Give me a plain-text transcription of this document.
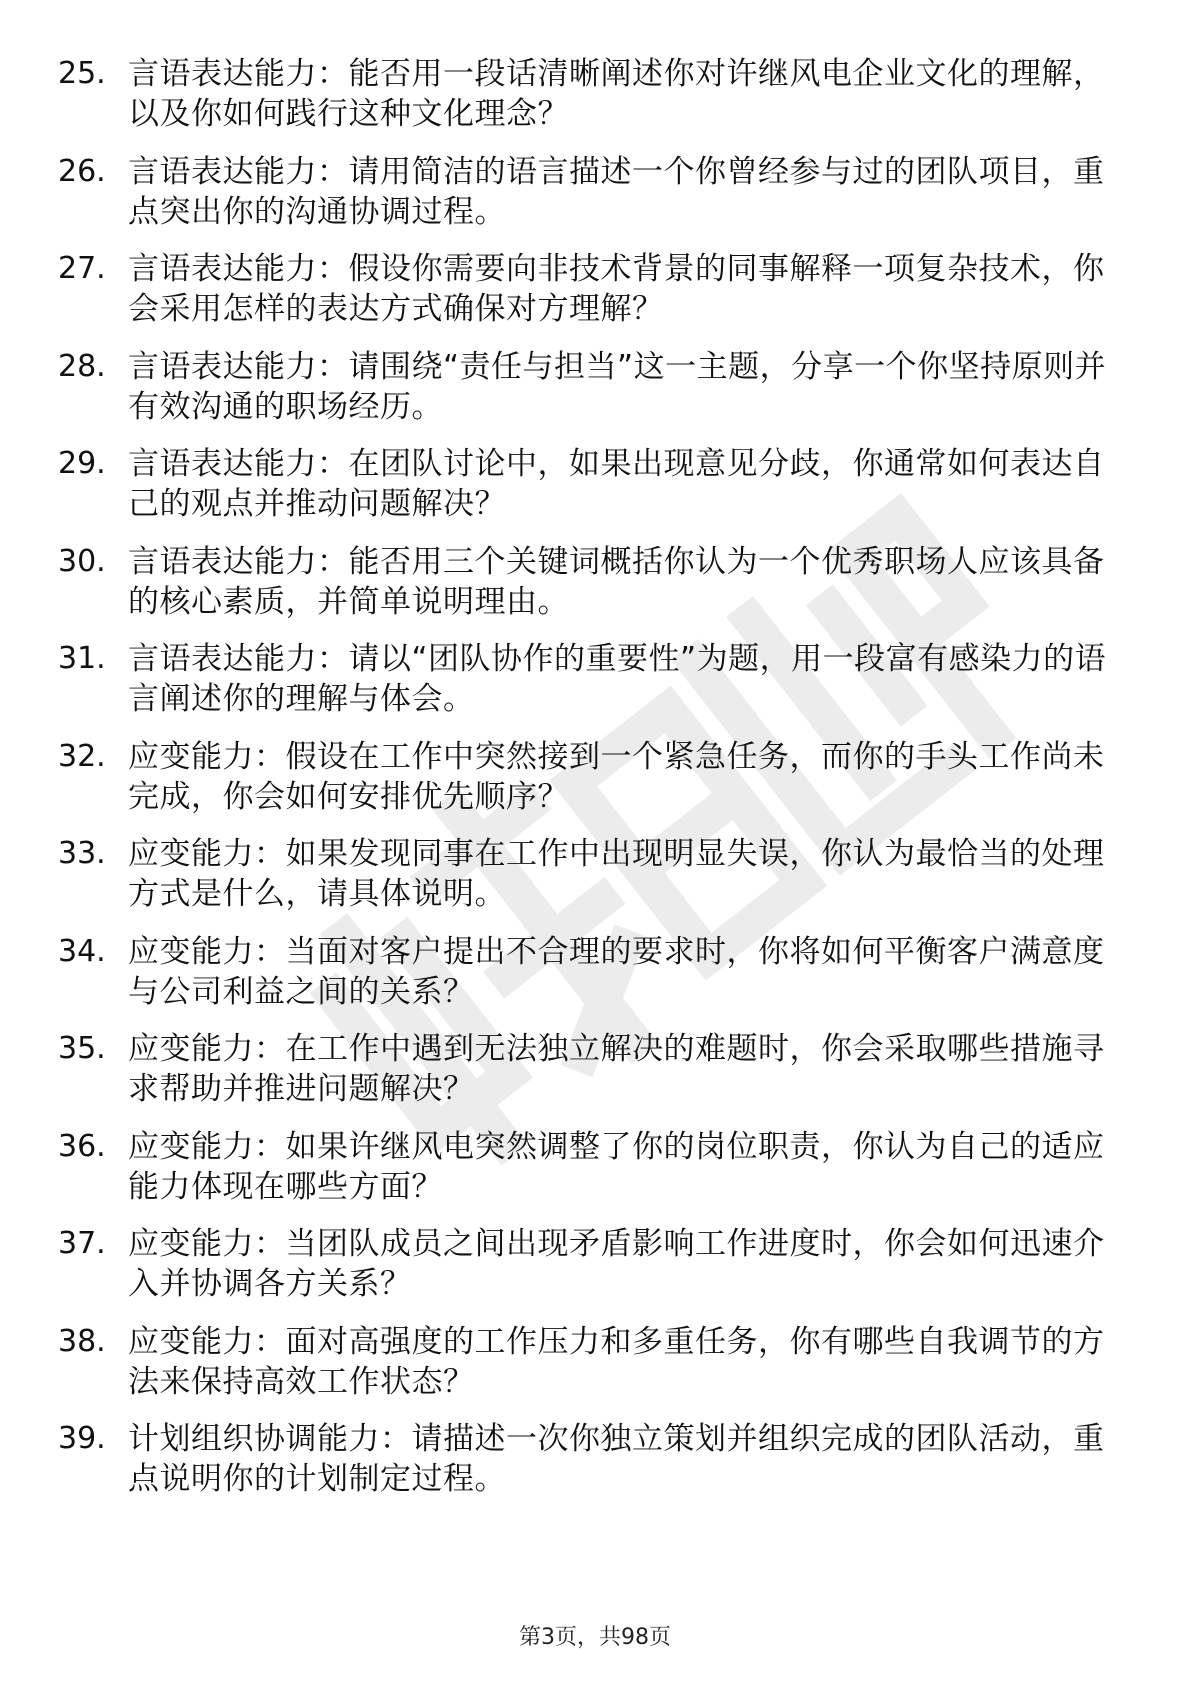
25. 言语表达能力：能否用一段话清晰阐述你对许继风电企业文化的理解，以及你如何践行这种文化理念？
26. 言语表达能力：请用简洁的语言描述一个你曾经参与过的团队项目，重点突出你的沟通协调过程。
27. 言语表达能力：假设你需要向非技术背景的同事解释一项复杂技术，你会采用怎样的表达方式确保对方理解？
28. 言语表达能力：请围绕“责任与担当”这一主题，分享一个你坚持原则并有效沟通的职场经历。
29. 言语表达能力：在团队讨论中，如果出现意见分歧，你通常如何表达自己的观点并推动问题解决？
30. 言语表达能力：能否用三个关键词概括你认为一个优秀职场人应该具备的核心素质，并简单说明理由。
31. 言语表达能力：请以“团队协作的重要性”为题，用一段富有感染力的语言阐述你的理解与体会。
32. 应变能力：假设在工作中突然接到一个紧急任务，而你的手头工作尚未完成，你会如何安排优先顺序？
33. 应变能力：如果发现同事在工作中出现明显失误，你认为最恰当的处理方式是什么，请具体说明。
34. 应变能力：当面对客户提出不合理的要求时，你将如何平衡客户满意度与公司利益之间的关系？
35. 应变能力：在工作中遇到无法独立解决的难题时，你会采取哪些措施寻求帮助并推进问题解决？
36. 应变能力：如果许继风电突然调整了你的岗位职责，你认为自己的适应能力体现在哪些方面？
37. 应变能力：当团队成员之间出现矛盾影响工作进度时，你会如何迅速介入并协调各方关系？
38. 应变能力：面对高强度的工作压力和多重任务，你有哪些自我调节的方法来保持高效工作状态？
39. 计划组织协调能力：请描述一次你独立策划并组织完成的团队活动，重点说明你的计划制定过程。
第3页，共98页
